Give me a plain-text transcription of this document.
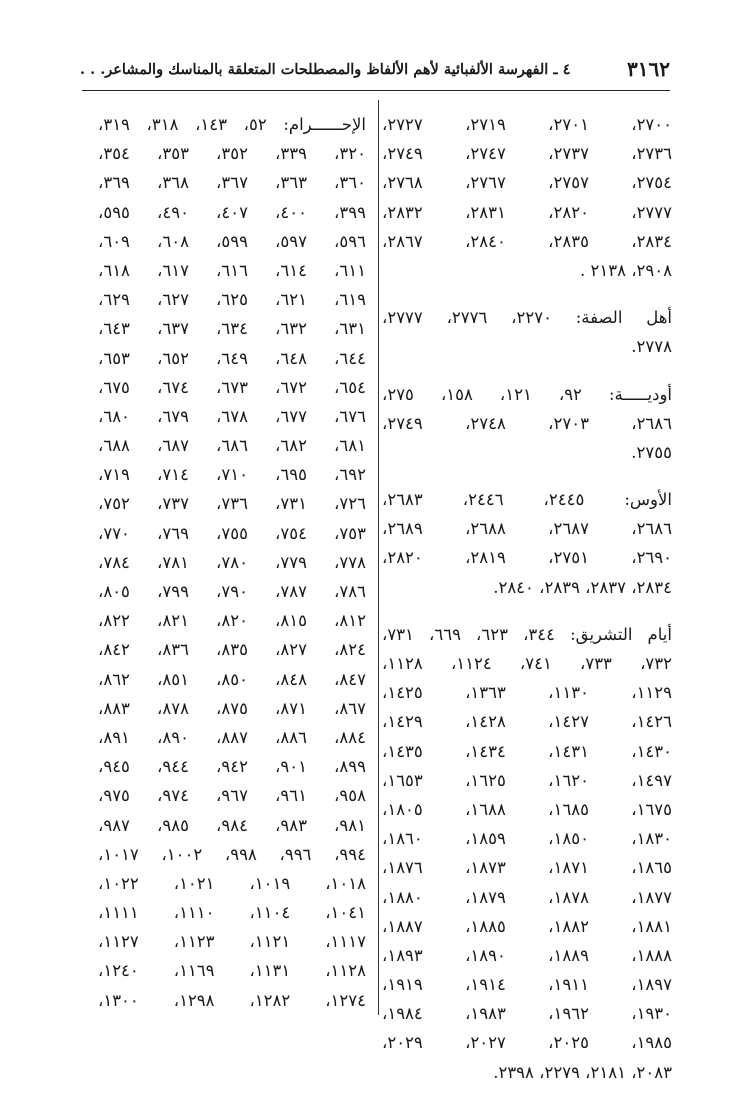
٣١٦٢
٤ ـ الفهرسة الألفبائية لأهم الألفاظ والمصطلحات المتعلقة بالمناسك والمشاعر. . .
٢٧٠٠، ٢٧٠١، ٢٧١٩، ٢٧٢٧،
٢٧٣٦، ٢٧٣٧، ٢٧٤٧، ٢٧٤٩،
٢٧٥٤، ٢٧٥٧، ٢٧٦٧، ٢٧٦٨،
٢٧٧٧، ٢٨٢٠، ٢٨٣١، ٢٨٣٢،
٢٨٣٤، ٢٨٣٥، ٢٨٤٠، ٢٨٦٧،
٢٩٠٨، ٢١٣٨ .
أهل الصفة: ٢٢٧٠، ٢٧٧٦، ٢٧٧٧،
٢٧٧٨.
أوديـــــة: ٩٢، ١٢١، ١٥٨، ٢٧٥،
٢٦٨٦، ٢٧٠٣، ٢٧٤٨، ٢٧٤٩،
٢٧٥٥.
الأوس: ٢٤٤٥، ٢٤٤٦، ٢٦٨٣،
٢٦٨٦، ٢٦٨٧، ٢٦٨٨، ٢٦٨٩،
٢٦٩٠، ٢٧٥١، ٢٨١٩، ٢٨٢٠،
٢٨٣٤، ٢٨٣٧، ٢٨٣٩، ٢٨٤٠.
أيام التشريق: ٣٤٤، ٦٢٣، ٦٦٩، ٧٣١،
٧٣٢، ٧٣٣، ٧٤١، ١١٢٤، ١١٢٨،
١١٢٩، ١١٣٠، ١٣٦٣، ١٤٢٥،
١٤٢٦، ١٤٢٧، ١٤٢٨، ١٤٢٩،
١٤٣٠، ١٤٣١، ١٤٣٤، ١٤٣٥،
١٤٩٧، ١٦٢٠، ١٦٢٥، ١٦٥٣،
١٦٧٥، ١٦٨٥، ١٦٨٨، ١٨٠٥،
١٨٣٠، ١٨٥٠، ١٨٥٩، ١٨٦٠،
١٨٦٥، ١٨٧١، ١٨٧٣، ١٨٧٦،
١٨٧٧، ١٨٧٨، ١٨٧٩، ١٨٨٠،
١٨٨١، ١٨٨٢، ١٨٨٥، ١٨٨٧،
١٨٨٨، ١٨٨٩، ١٨٩٠، ١٨٩٣،
١٨٩٧، ١٩١١، ١٩١٤، ١٩١٩،
١٩٣٠، ١٩٦٢، ١٩٨٣، ١٩٨٤،
١٩٨٥، ٢٠٢٥، ٢٠٢٧، ٢٠٢٩،
٢٠٨٣، ٢١٨١، ٢٢٧٩، ٢٣٩٨.
الإحــــــرام: ٥٢، ١٤٣، ٣١٨، ٣١٩،
٣٢٠، ٣٣٩، ٣٥٢، ٣٥٣، ٣٥٤،
٣٦٠، ٣٦٣، ٣٦٧، ٣٦٨، ٣٦٩،
٣٩٩، ٤٠٠، ٤٠٧، ٤٩٠، ٥٩٥،
٥٩٦، ٥٩٧، ٥٩٩، ٦٠٨، ٦٠٩،
٦١١، ٦١٤، ٦١٦، ٦١٧، ٦١٨،
٦١٩، ٦٢١، ٦٢٥، ٦٢٧، ٦٢٩،
٦٣١، ٦٣٢، ٦٣٤، ٦٣٧، ٦٤٣،
٦٤٤، ٦٤٨، ٦٤٩، ٦٥٢، ٦٥٣،
٦٥٤، ٦٧٢، ٦٧٣، ٦٧٤، ٦٧٥،
٦٧٦، ٦٧٧، ٦٧٨، ٦٧٩، ٦٨٠،
٦٨١، ٦٨٢، ٦٨٦، ٦٨٧، ٦٨٨،
٦٩٢، ٦٩٥، ٧١٠، ٧١٤، ٧١٩،
٧٢٦، ٧٣١، ٧٣٦، ٧٣٧، ٧٥٢،
٧٥٣، ٧٥٤، ٧٥٥، ٧٦٩، ٧٧٠،
٧٧٨، ٧٧٩، ٧٨٠، ٧٨١، ٧٨٤،
٧٨٦، ٧٨٧، ٧٩٠، ٧٩٩، ٨٠٥،
٨١٢، ٨١٥، ٨٢٠، ٨٢١، ٨٢٢،
٨٢٤، ٨٢٧، ٨٣٥، ٨٣٦، ٨٤٢،
٨٤٧، ٨٤٨، ٨٥٠، ٨٥١، ٨٦٢،
٨٦٧، ٨٧١، ٨٧٥، ٨٧٨، ٨٨٣،
٨٨٤، ٨٨٦، ٨٨٧، ٨٩٠، ٨٩١،
٨٩٩، ٩٠١، ٩٤٢، ٩٤٤، ٩٤٥،
٩٥٨، ٩٦١، ٩٦٧، ٩٧٤، ٩٧٥،
٩٨١، ٩٨٣، ٩٨٤، ٩٨٥، ٩٨٧،
٩٩٤، ٩٩٦، ٩٩٨، ١٠٠٢، ١٠١٧،
١٠١٨، ١٠١٩، ١٠٢١، ١٠٢٢،
١٠٤١، ١١٠٤، ١١١٠، ١١١١،
١١١٧، ١١٢١، ١١٢٣، ١١٢٧،
١١٢٨، ١١٣١، ١١٦٩، ١٢٤٠،
١٢٧٤، ١٢٨٢، ١٢٩٨، ١٣٠٠،
